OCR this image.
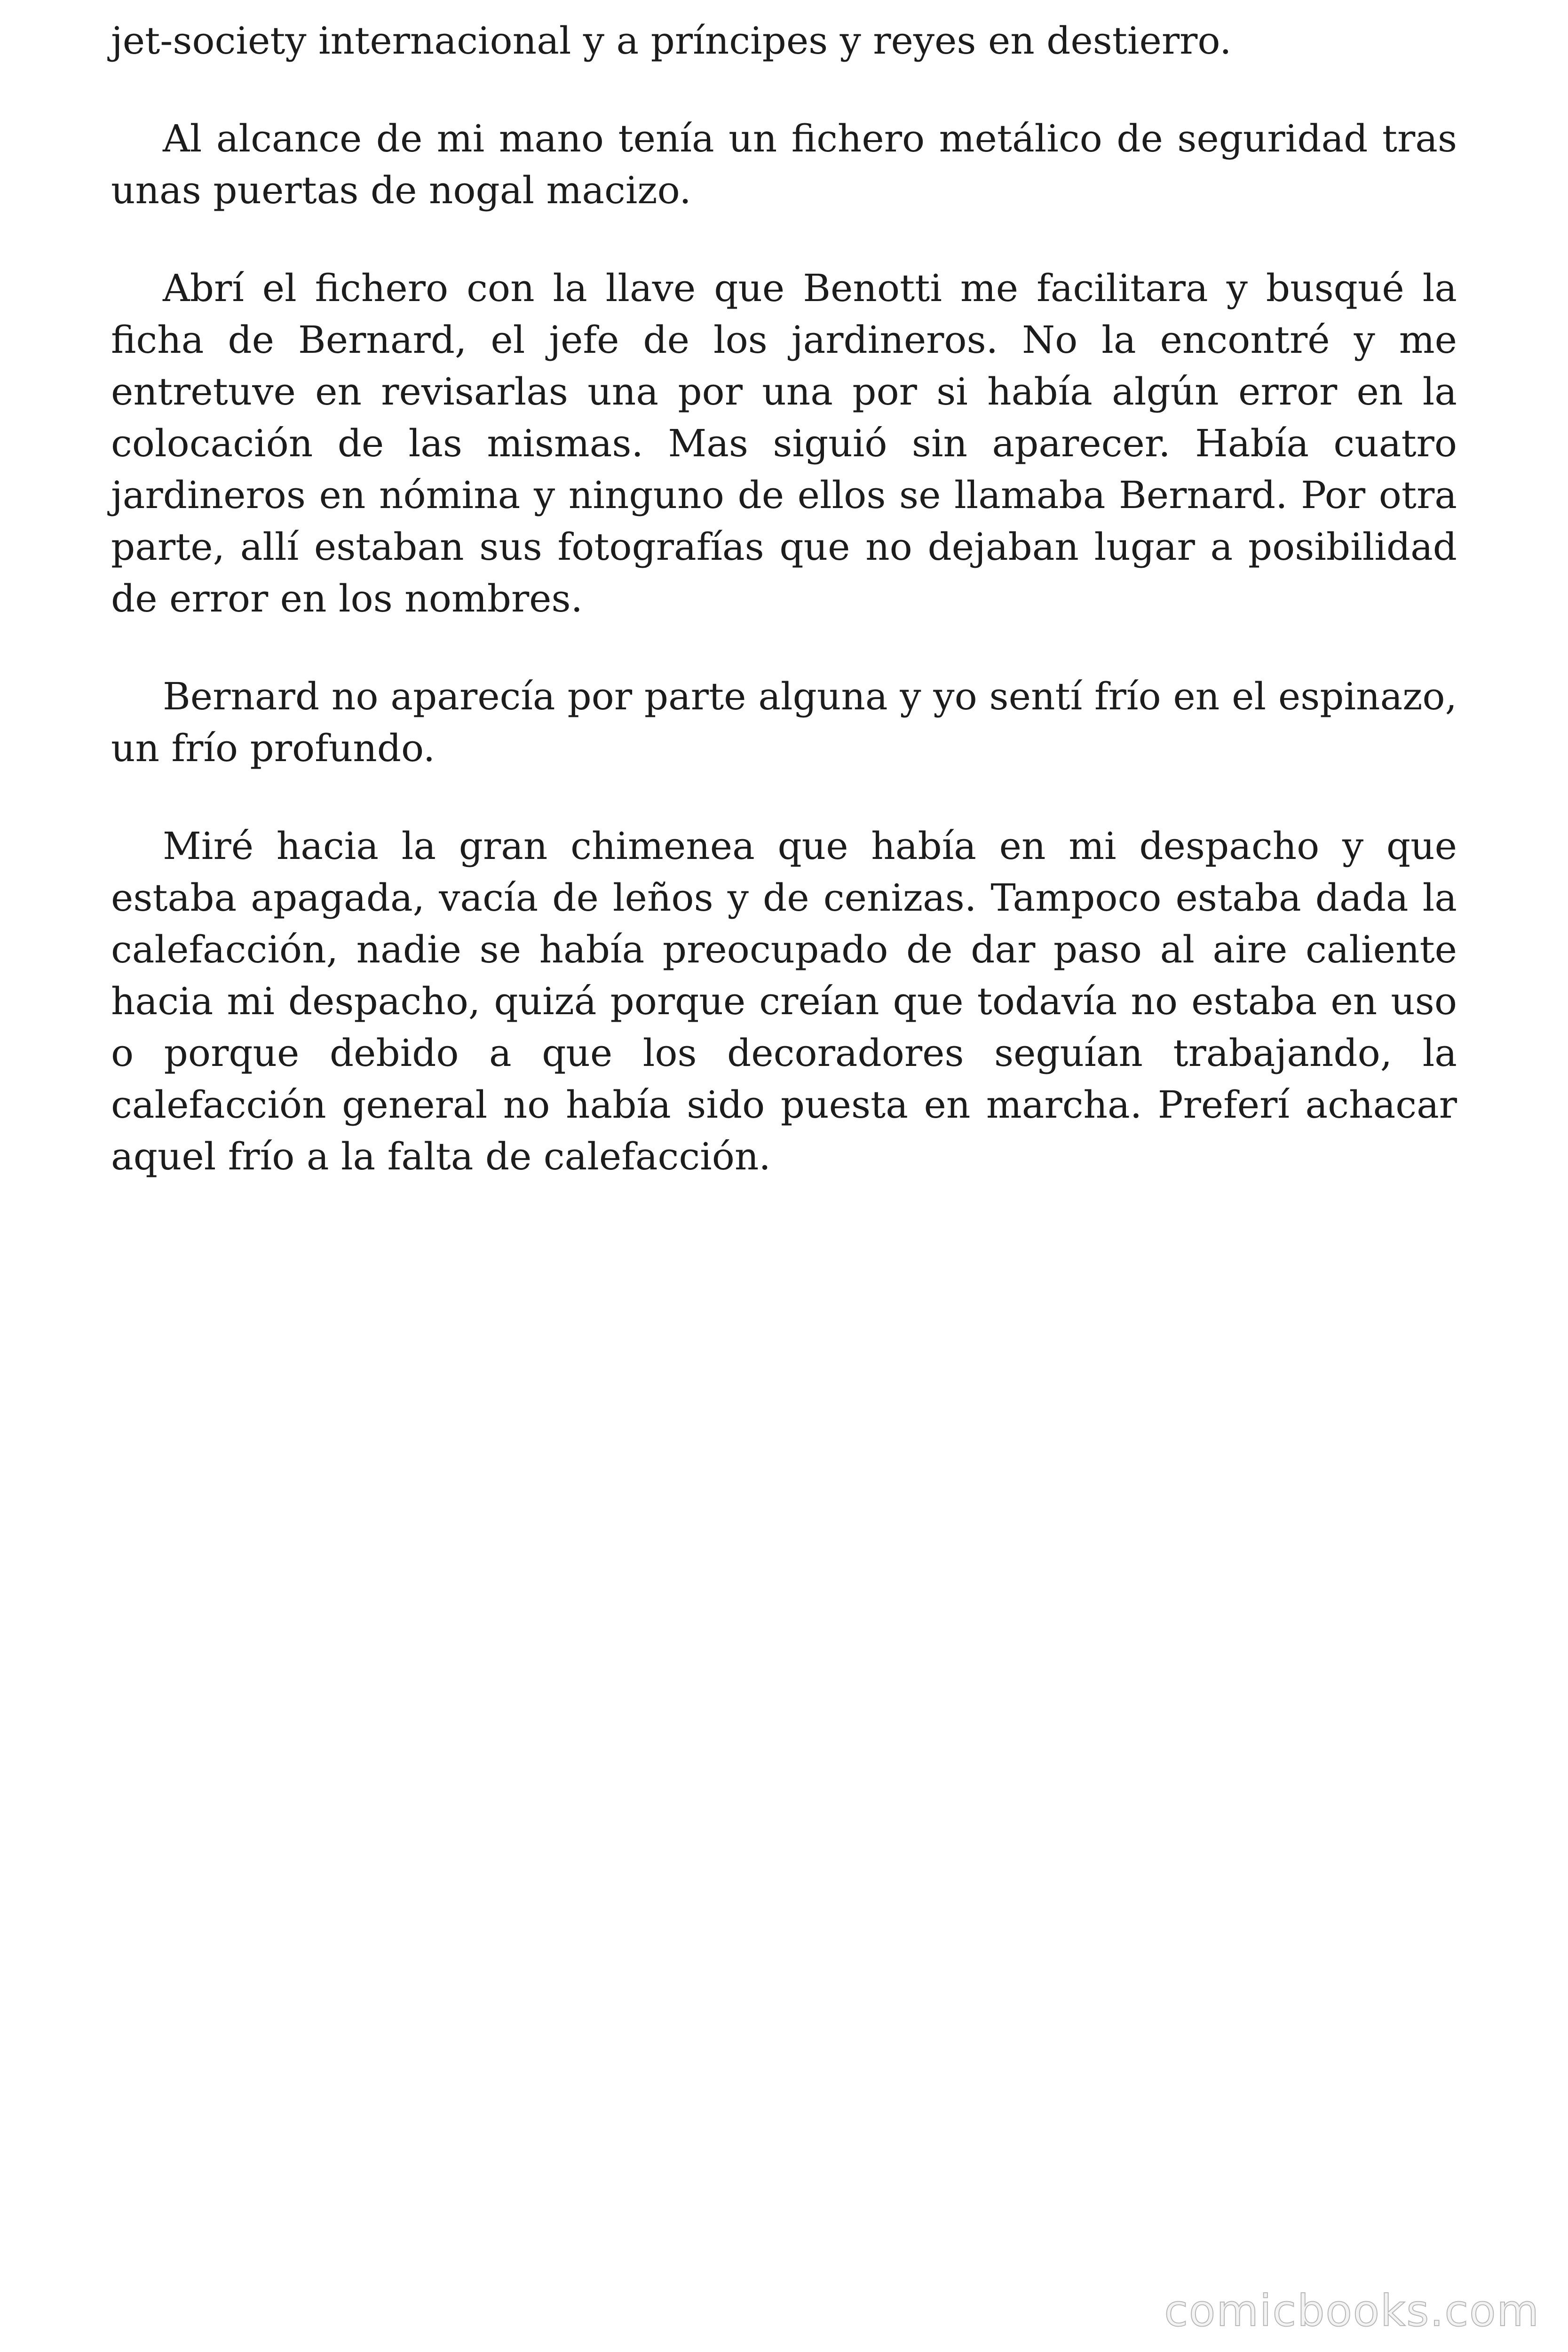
jet-society internacional y a príncipes y reyes en destierro.

Al alcance de mi mano tenía un fichero metálico de seguridad tras unas puertas de nogal macizo.

Abrí el fichero con la llave que Benotti me facilitara y busqué la ficha de Bernard, el jefe de los jardineros. No la encontré y me entretuve en revisarlas una por una por si había algún error en la colocación de las mismas. Mas siguió sin aparecer. Había cuatro jardineros en nómina y ninguno de ellos se llamaba Bernard. Por otra parte, allí estaban sus fotografías que no dejaban lugar a posibilidad de error en los nombres.

Bernard no aparecía por parte alguna y yo sentí frío en el espinazo, un frío profundo.

Miré hacia la gran chimenea que había en mi despacho y que estaba apagada, vacía de leños y de cenizas. Tampoco estaba dada la calefacción, nadie se había preocupado de dar paso al aire caliente hacia mi despacho, quizá porque creían que todavía no estaba en uso o porque debido a que los decoradores seguían trabajando, la calefacción general no había sido puesta en marcha. Preferí achacar aquel frío a la falta de calefacción.

comicbooks.com
